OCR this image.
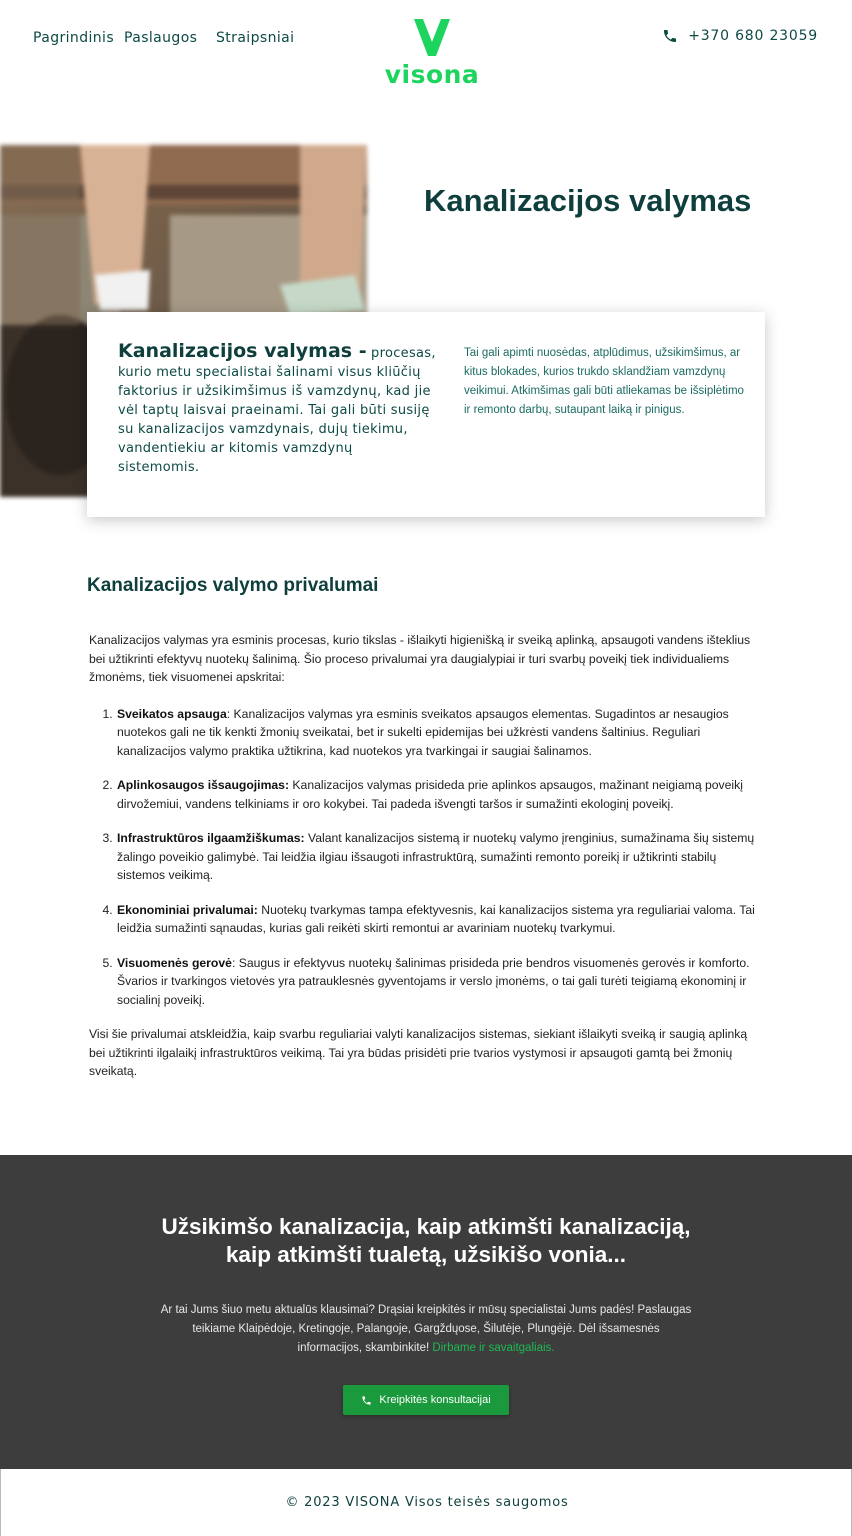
Pagrindinis Paslaugos Straipsniai
visona
+370 680 23059
Kanalizacijos valymas

Kanalizacijos valymas - procesas, kurio metu specialistai šalinami visus kliūčių faktorius ir užsikimšimus iš vamzdynų, kad jie vėl taptų laisvai praeinami. Tai gali būti susiję su kanalizacijos vamzdynais, dujų tiekimu, vandentiekiu ar kitomis vamzdynų sistemomis.

Tai gali apimti nuosėdas, atplūdimus, užsikimšimus, ar kitus blokades, kurios trukdo sklandžiam vamzdynų veikimui. Atkimšimas gali būti atliekamas be išsiplėtimo ir remonto darbų, sutaupant laiką ir pinigus.

Kanalizacijos valymo privalumai

Kanalizacijos valymas yra esminis procesas, kurio tikslas - išlaikyti higienišką ir sveiką aplinką, apsaugoti vandens išteklius bei užtikrinti efektyvų nuotekų šalinimą. Šio proceso privalumai yra daugialypiai ir turi svarbų poveikį tiek individualiems žmonėms, tiek visuomenei apskritai:

1. Sveikatos apsauga: Kanalizacijos valymas yra esminis sveikatos apsaugos elementas. Sugadintos ar nesaugios nuotekos gali ne tik kenkti žmonių sveikatai, bet ir sukelti epidemijas bei užkrėsti vandens šaltinius. Reguliari kanalizacijos valymo praktika užtikrina, kad nuotekos yra tvarkingai ir saugiai šalinamos.
2. Aplinkosaugos išsaugojimas: Kanalizacijos valymas prisideda prie aplinkos apsaugos, mažinant neigiamą poveikį dirvožemiui, vandens telkiniams ir oro kokybei. Tai padeda išvengti taršos ir sumažinti ekologinį poveikį.
3. Infrastruktūros ilgaamžiškumas: Valant kanalizacijos sistemą ir nuotekų valymo įrenginius, sumažinama šių sistemų žalingo poveikio galimybė. Tai leidžia ilgiau išsaugoti infrastruktūrą, sumažinti remonto poreikį ir užtikrinti stabilų sistemos veikimą.
4. Ekonominiai privalumai: Nuotekų tvarkymas tampa efektyvesnis, kai kanalizacijos sistema yra reguliariai valoma. Tai leidžia sumažinti sąnaudas, kurias gali reikėti skirti remontui ar avariniam nuotekų tvarkymui.
5. Visuomenės gerovė: Saugus ir efektyvus nuotekų šalinimas prisideda prie bendros visuomenės gerovės ir komforto. Švarios ir tvarkingos vietovės yra patrauklesnės gyventojams ir verslo įmonėms, o tai gali turėti teigiamą ekonominį ir socialinį poveikį.

Visi šie privalumai atskleidžia, kaip svarbu reguliariai valyti kanalizacijos sistemas, siekiant išlaikyti sveiką ir saugią aplinką bei užtikrinti ilgalaikį infrastruktūros veikimą. Tai yra būdas prisidėti prie tvarios vystymosi ir apsaugoti gamtą bei žmonių sveikatą.

Užsikimšo kanalizacija, kaip atkimšti kanalizaciją,
kaip atkimšti tualetą, užsikišo vonia...

Ar tai Jums šiuo metu aktualūs klausimai? Drąsiai kreipkitės ir mūsų specialistai Jums padės! Paslaugas teikiame Klaipėdoje, Kretingoje, Palangoje, Gargždųose, Šilutėje, Plungėjė. Dėl išsamesnės informacijos, skambinkite! Dirbame ir savaitgaliais.

Kreipkitės konsultacijai

© 2023 VISONA Visos teisės saugomos
